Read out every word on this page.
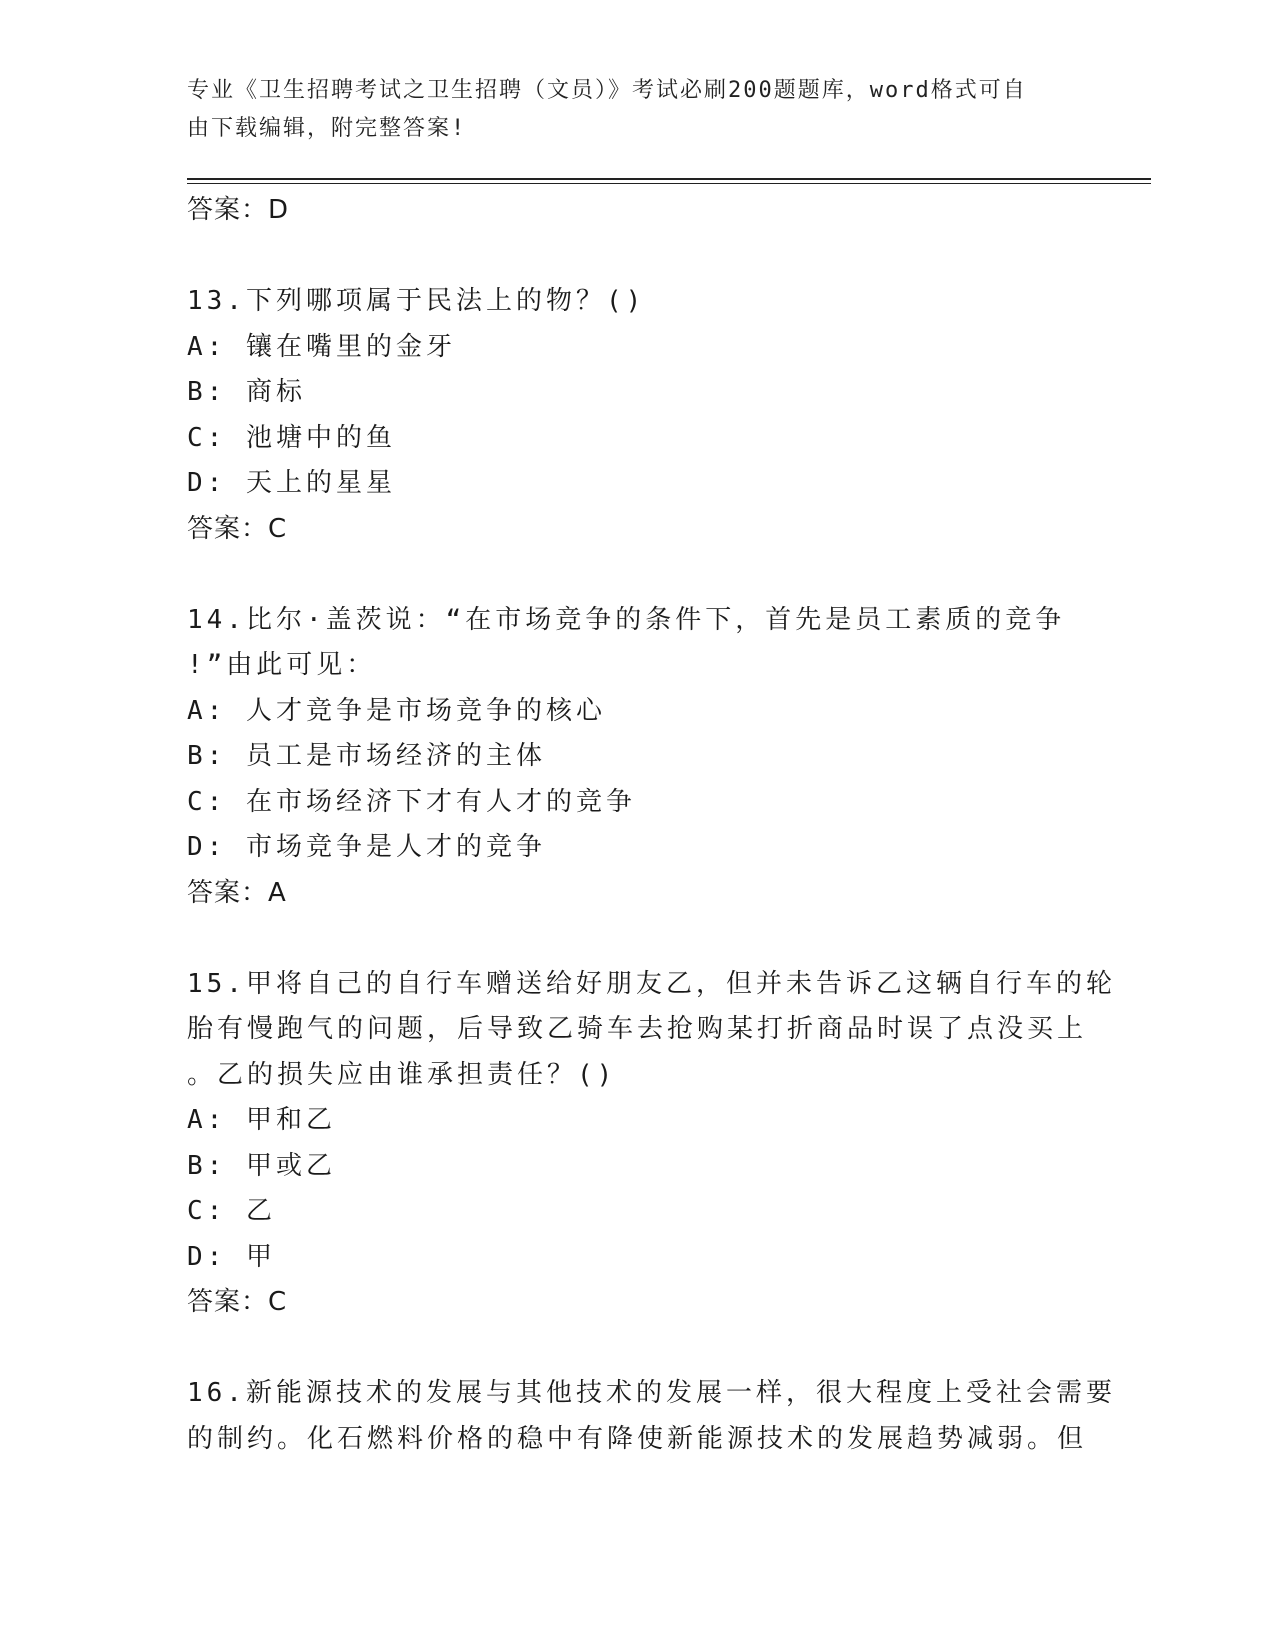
专业《卫生招聘考试之卫生招聘（文员）》考试必刷200题题库，word格式可自
由下载编辑，附完整答案!
答案：D
13.下列哪项属于民法上的物？()
A: 镶在嘴里的金牙
B: 商标
C: 池塘中的鱼
D: 天上的星星
答案：C
14.比尔·盖茨说：“在市场竞争的条件下，首先是员工素质的竞争
!”由此可见：
A: 人才竞争是市场竞争的核心
B: 员工是市场经济的主体
C: 在市场经济下才有人才的竞争
D: 市场竞争是人才的竞争
答案：A
15.甲将自己的自行车赠送给好朋友乙，但并未告诉乙这辆自行车的轮
胎有慢跑气的问题，后导致乙骑车去抢购某打折商品时误了点没买上
。乙的损失应由谁承担责任？()
A: 甲和乙
B: 甲或乙
C: 乙
D: 甲
答案：C
16.新能源技术的发展与其他技术的发展一样，很大程度上受社会需要
的制约。化石燃料价格的稳中有降使新能源技术的发展趋势减弱。但
